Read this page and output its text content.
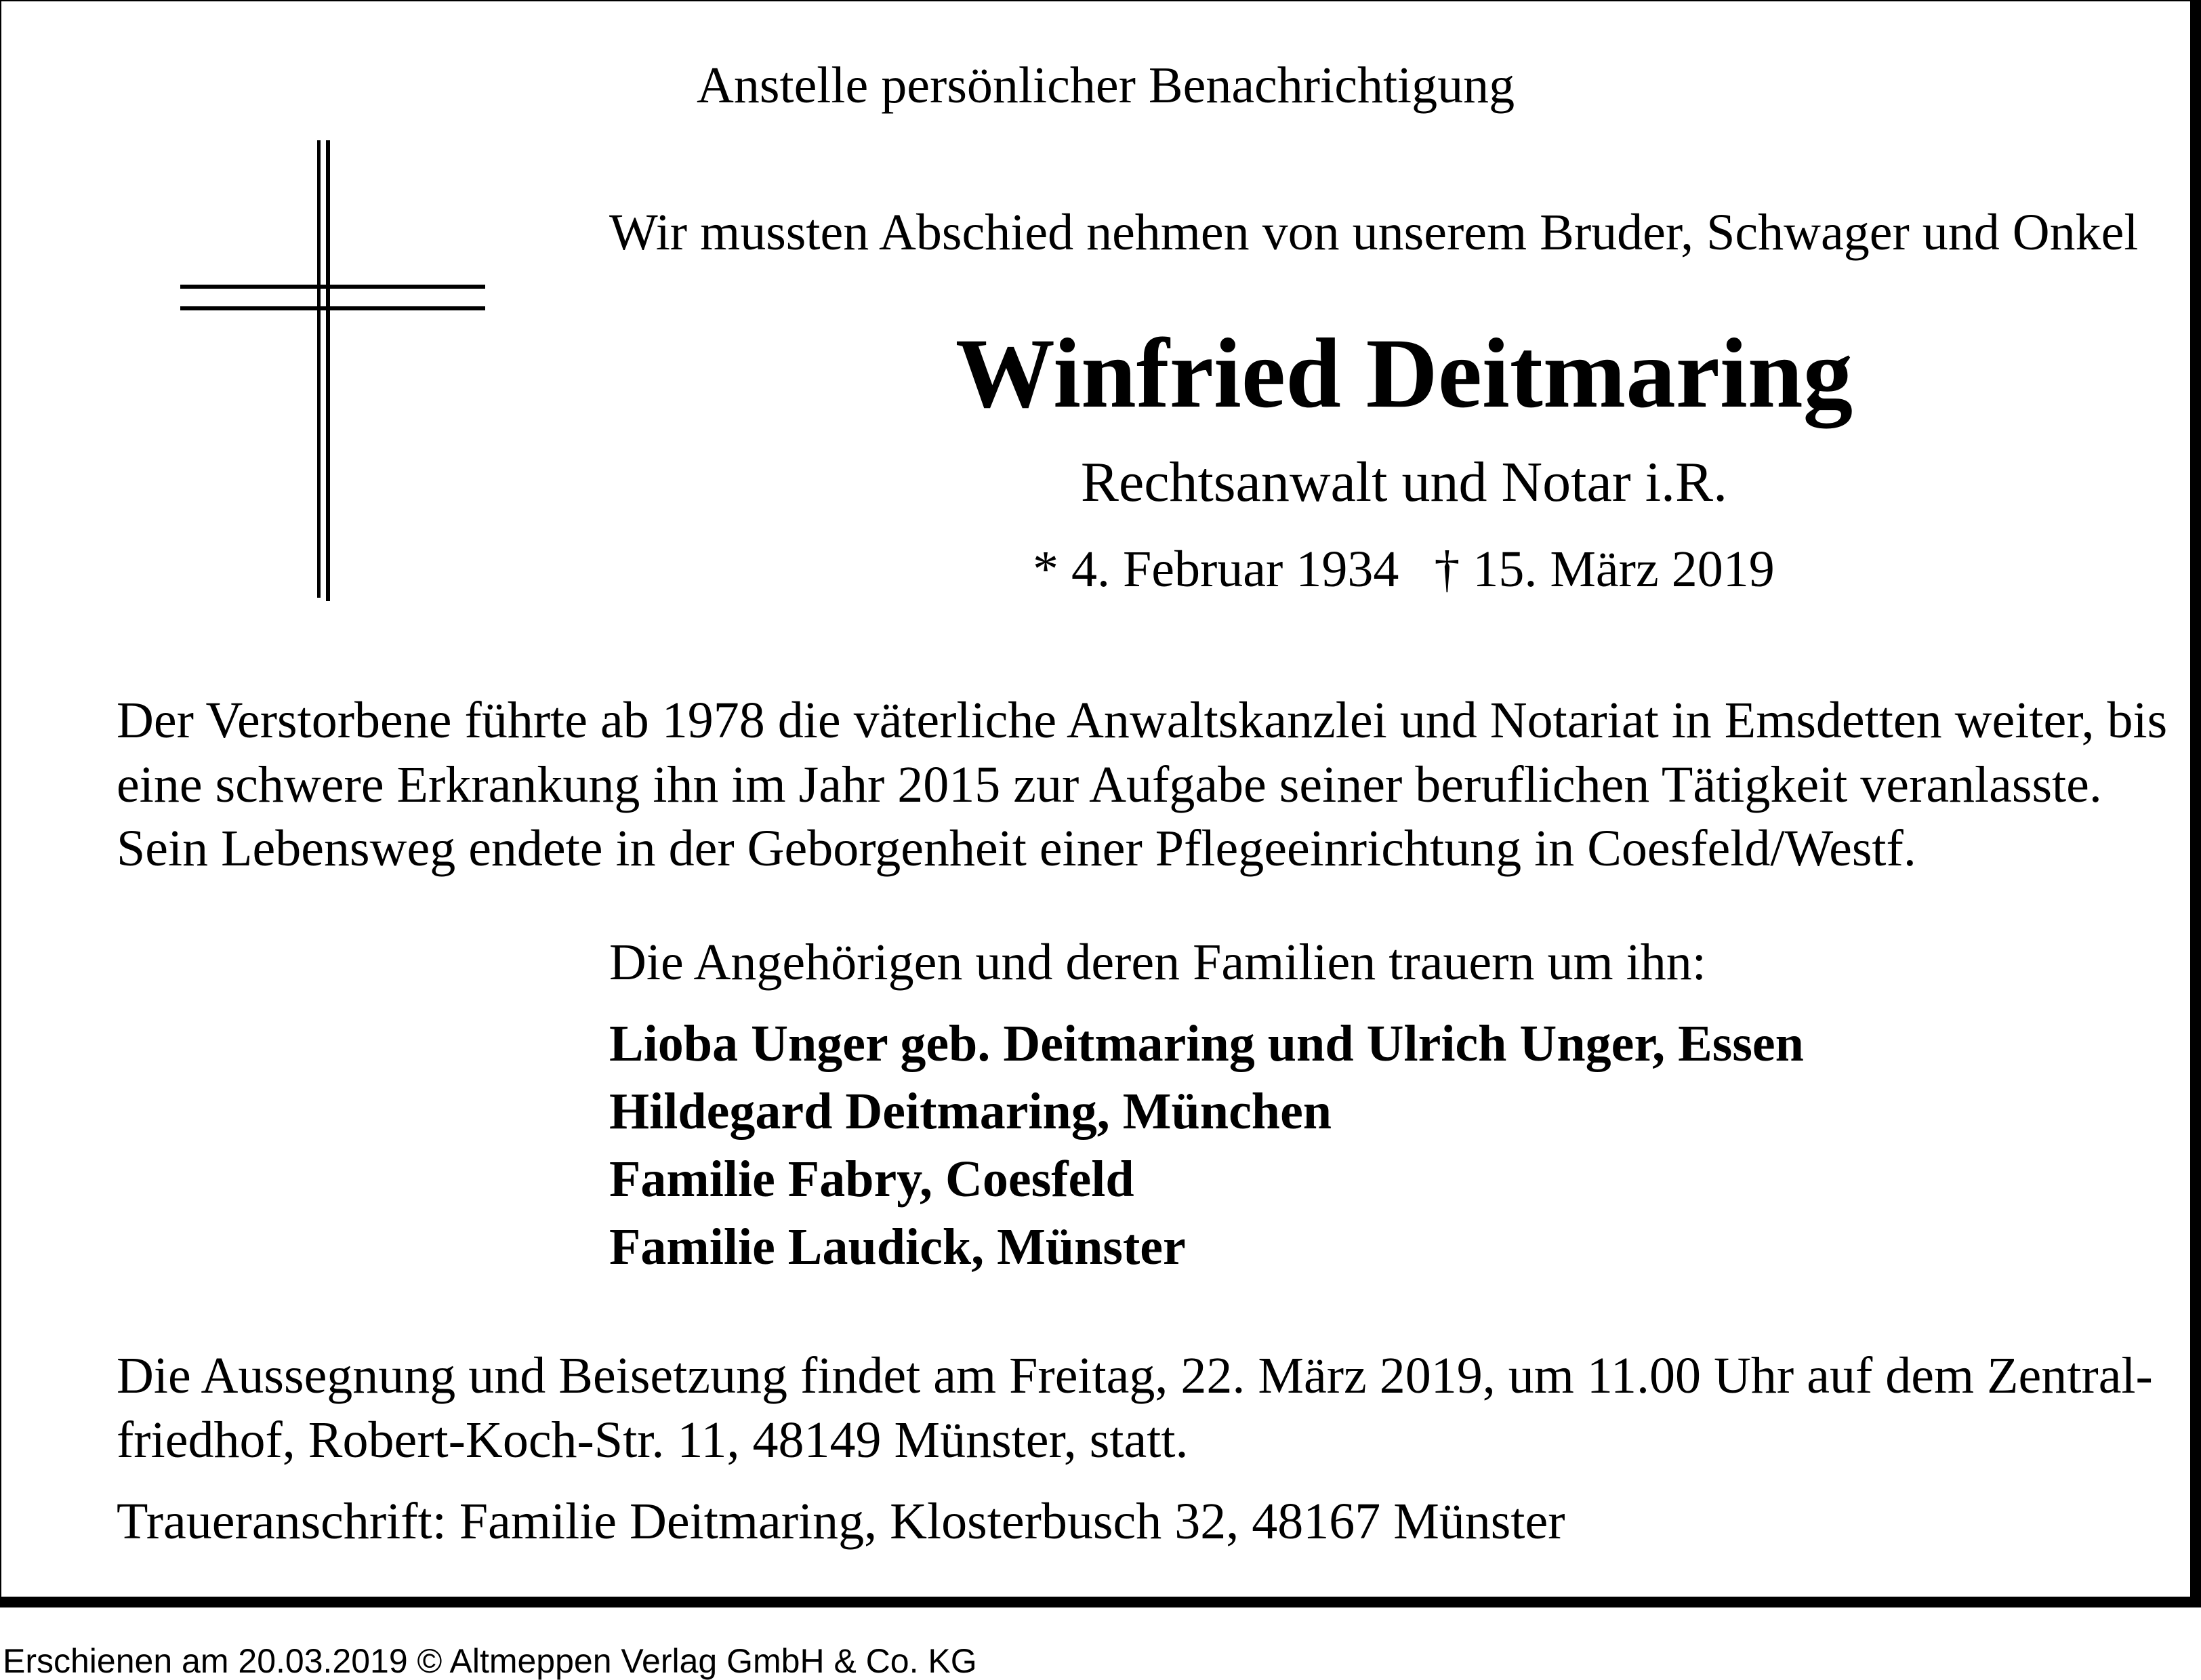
Anstelle persönlicher Benachrichtigung
Wir mussten Abschied nehmen von unserem Bruder, Schwager und Onkel
Winfried Deitmaring
Rechtsanwalt und Notar i.R.
* 4. Februar 1934 † 15. März 2019
Der Verstorbene führte ab 1978 die väterliche Anwaltskanzlei und Notariat in Emsdetten weiter, bis
eine schwere Erkrankung ihn im Jahr 2015 zur Aufgabe seiner beruflichen Tätigkeit veranlasste.
Sein Lebensweg endete in der Geborgenheit einer Pflegeeinrichtung in Coesfeld/Westf.
Die Angehörigen und deren Familien trauern um ihn:
Lioba Unger geb. Deitmaring und Ulrich Unger, Essen
Hildegard Deitmaring, München
Familie Fabry, Coesfeld
Familie Laudick, Münster
Die Aussegnung und Beisetzung findet am Freitag, 22. März 2019, um 11.00 Uhr auf dem Zentral-
friedhof, Robert-Koch-Str. 11, 48149 Münster, statt.
Traueranschrift: Familie Deitmaring, Klosterbusch 32, 48167 Münster
Erschienen am 20.03.2019 © Altmeppen Verlag GmbH & Co. KG
